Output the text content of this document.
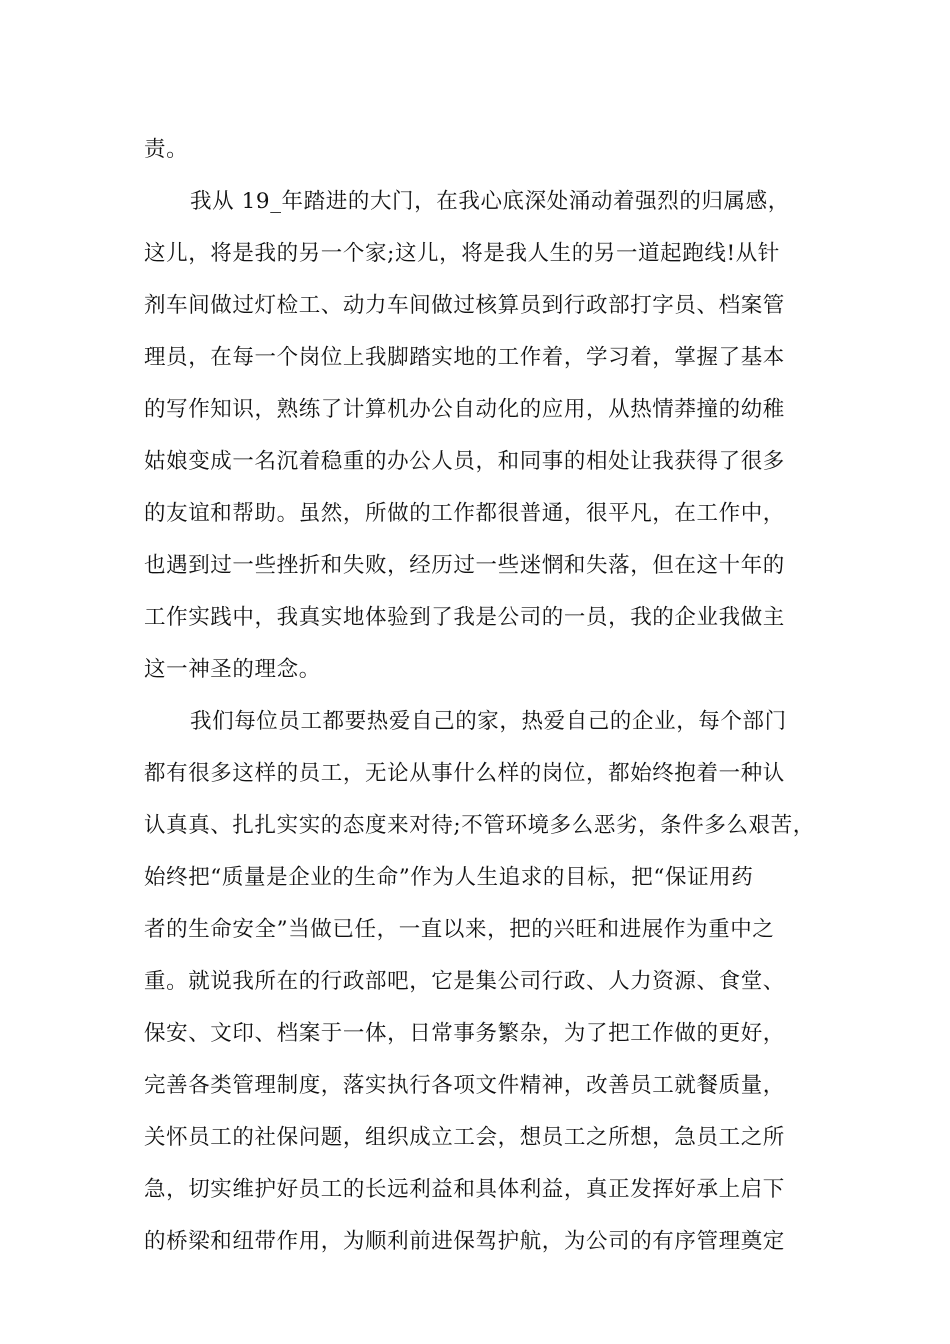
责。
我从 19_年踏进的大门，在我心底深处涌动着强烈的归属感，
这儿，将是我的另一个家;这儿，将是我人生的另一道起跑线!从针
剂车间做过灯检工、动力车间做过核算员到行政部打字员、档案管
理员，在每一个岗位上我脚踏实地的工作着，学习着，掌握了基本
的写作知识，熟练了计算机办公自动化的应用，从热情莽撞的幼稚
姑娘变成一名沉着稳重的办公人员，和同事的相处让我获得了很多
的友谊和帮助。虽然，所做的工作都很普通，很平凡，在工作中，
也遇到过一些挫折和失败，经历过一些迷惘和失落，但在这十年的
工作实践中，我真实地体验到了我是公司的一员，我的企业我做主
这一神圣的理念。
我们每位员工都要热爱自己的家，热爱自己的企业，每个部门
都有很多这样的员工，无论从事什么样的岗位，都始终抱着一种认
认真真、扎扎实实的态度来对待;不管环境多么恶劣，条件多么艰苦，
始终把“质量是企业的生命”作为人生追求的目标，把“保证用药
者的生命安全”当做已任，一直以来，把的兴旺和进展作为重中之
重。就说我所在的行政部吧，它是集公司行政、人力资源、食堂、
保安、文印、档案于一体，日常事务繁杂，为了把工作做的更好，
完善各类管理制度，落实执行各项文件精神，改善员工就餐质量，
关怀员工的社保问题，组织成立工会，想员工之所想，急员工之所
急，切实维护好员工的长远利益和具体利益，真正发挥好承上启下
的桥梁和纽带作用，为顺利前进保驾护航，为公司的有序管理奠定
